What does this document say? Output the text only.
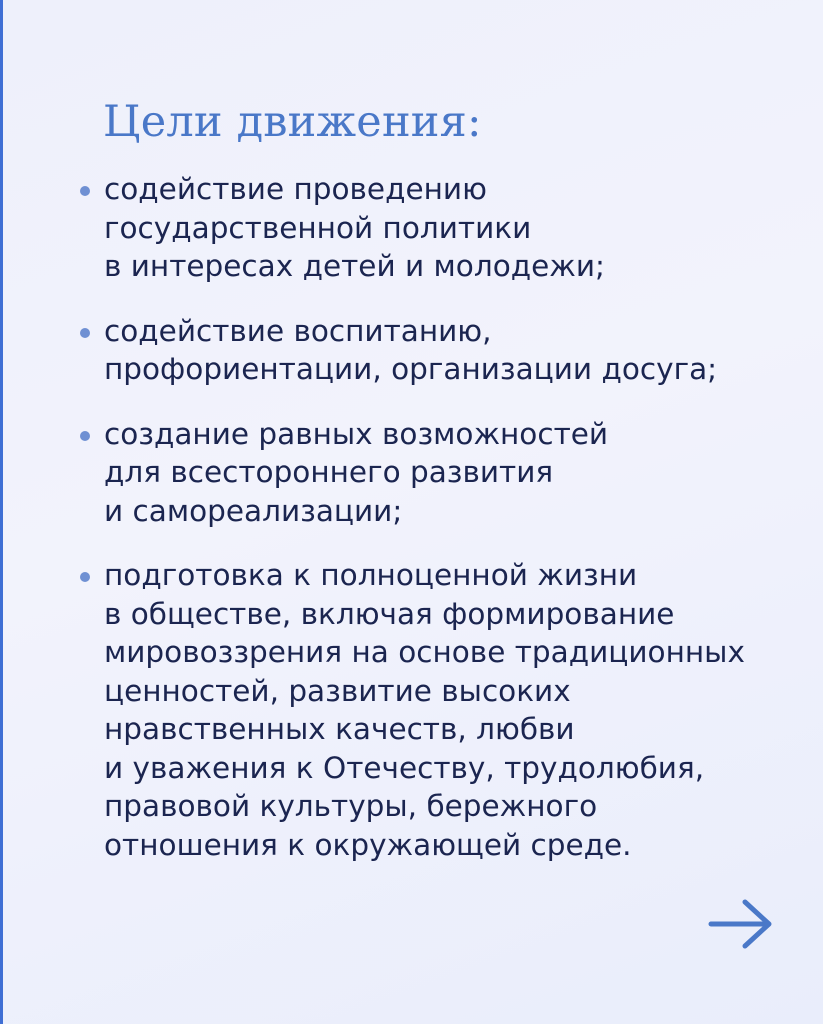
Цели движения:
содействие проведению
государственной политики
в интересах детей и молодежи;
содействие воспитанию,
профориентации, организации досуга;
создание равных возможностей
для всестороннего развития
и самореализации;
подготовка к полноценной жизни
в обществе, включая формирование
мировоззрения на основе традиционных
ценностей, развитие высоких
нравственных качеств, любви
и уважения к Отечеству, трудолюбия,
правовой культуры, бережного
отношения к окружающей среде.
